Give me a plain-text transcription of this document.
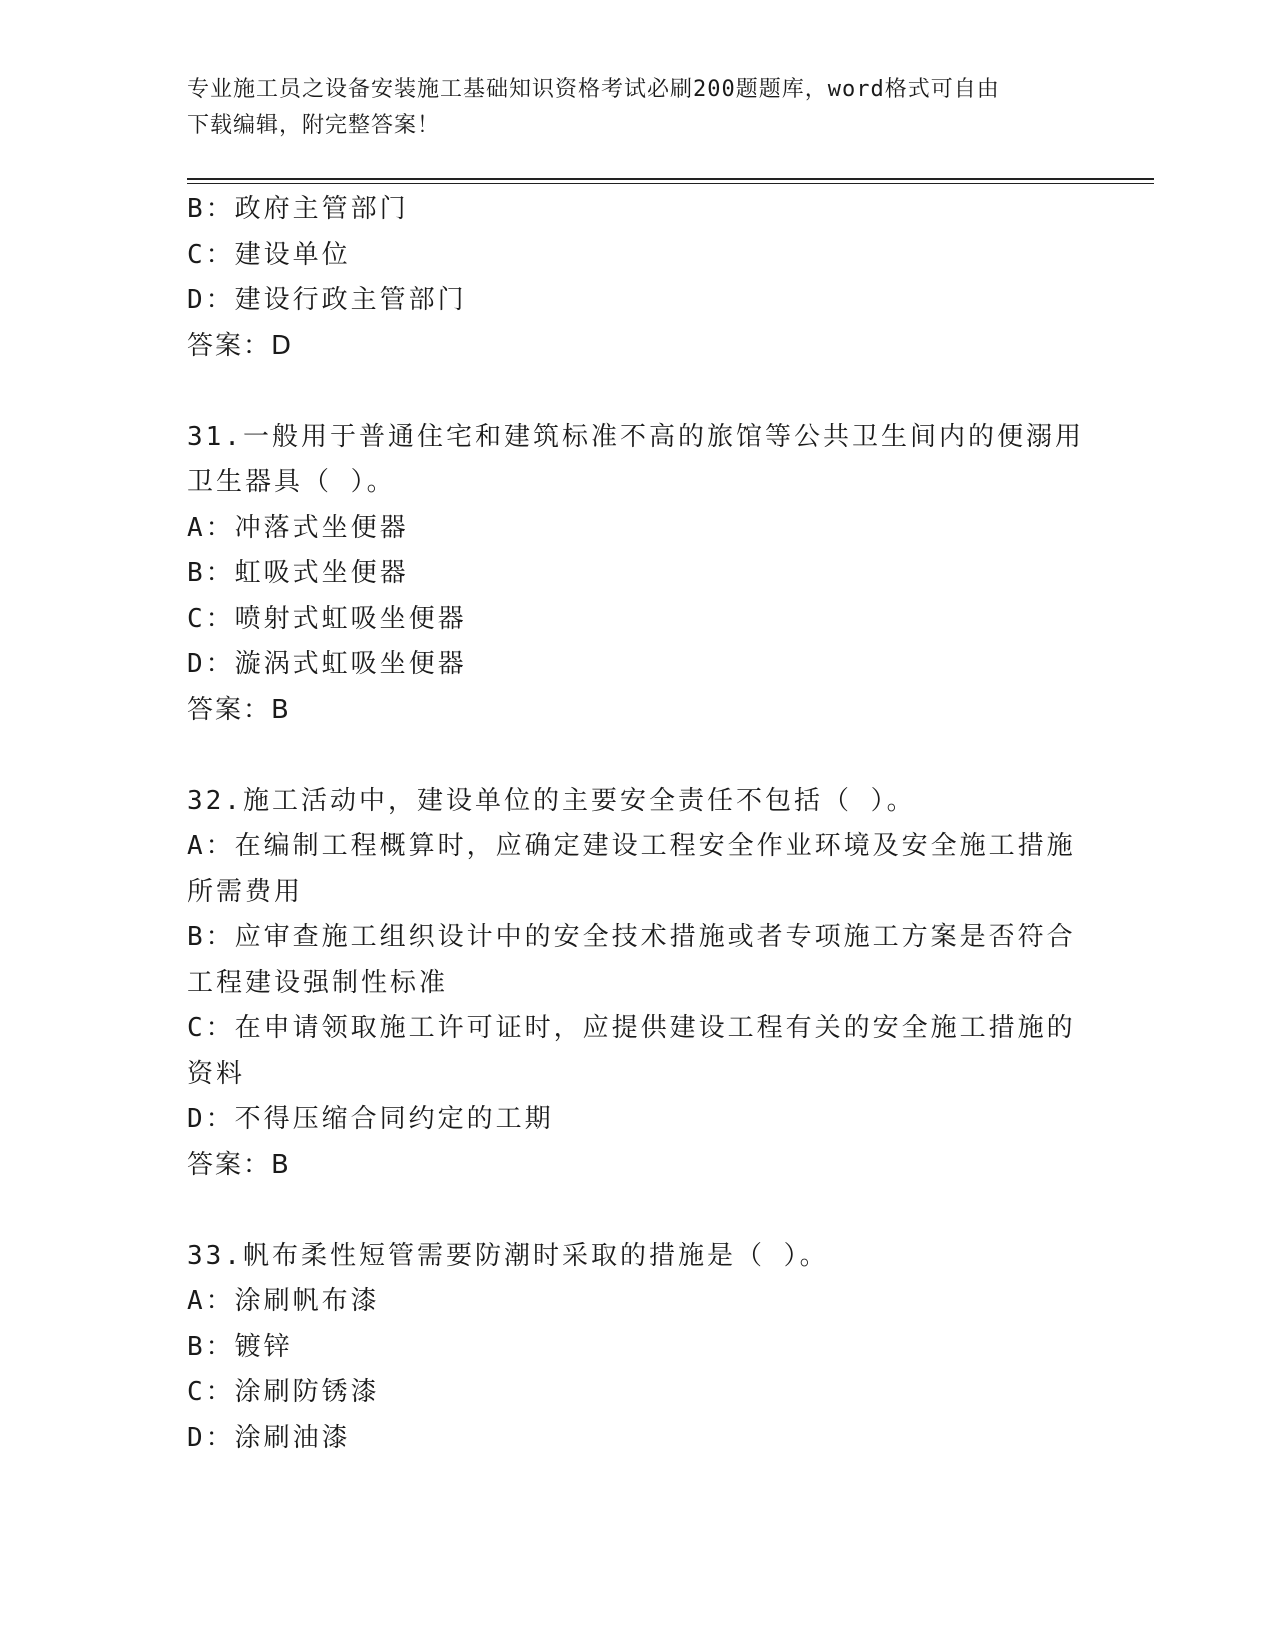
专业施工员之设备安装施工基础知识资格考试必刷200题题库，word格式可自由
下载编辑，附完整答案！

B：政府主管部门

C：建设单位

D：建设行政主管部门

答案：D

31.一般用于普通住宅和建筑标准不高的旅馆等公共卫生间内的便溺用

卫生器具（ ）。

A：冲落式坐便器

B：虹吸式坐便器

C：喷射式虹吸坐便器

D：漩涡式虹吸坐便器

答案：B

32.施工活动中，建设单位的主要安全责任不包括（ ）。

A：在编制工程概算时，应确定建设工程安全作业环境及安全施工措施

所需费用

B：应审查施工组织设计中的安全技术措施或者专项施工方案是否符合

工程建设强制性标准

C：在申请领取施工许可证时，应提供建设工程有关的安全施工措施的

资料

D：不得压缩合同约定的工期

答案：B

33.帆布柔性短管需要防潮时采取的措施是（ ）。

A：涂刷帆布漆

B：镀锌

C：涂刷防锈漆

D：涂刷油漆
